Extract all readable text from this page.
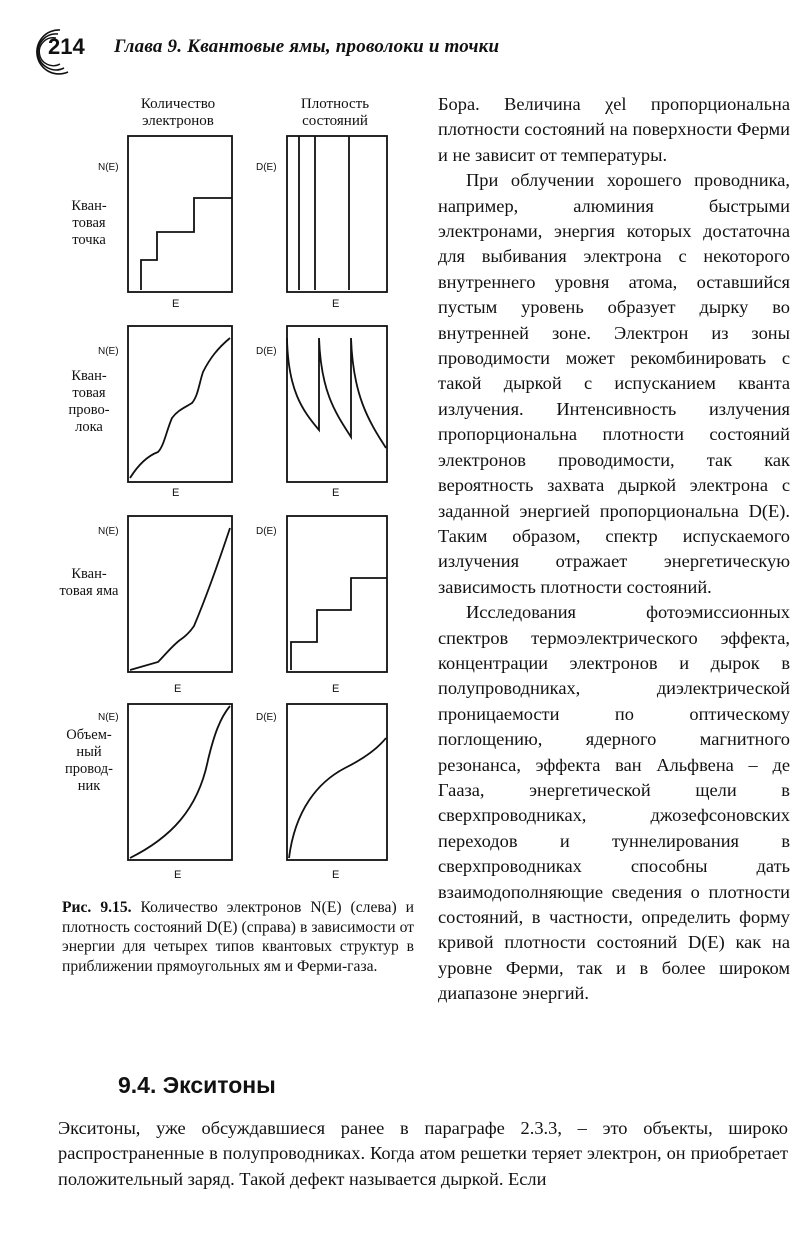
214 Глава 9. Квантовые ямы, проволоки и точки
Количество электронов
Плотность состояний
Кван-товая точка
Кван-товая прово-лока
Кван-товая яма
Объем-ный провод-ник
N(E)	D(E)
E	E
N(E)	D(E)
E	E
N(E)	D(E)
E	E
N(E)	D(E)
E	E
Рис. 9.15. Количество электронов N(E) (слева) и плотность состояний D(E) (справа) в зависимости от энергии для четырех типов квантовых структур в приближении прямоугольных ям и Ферми-газа.

Бора. Величина χel пропорциональна плотности состояний на поверхности Ферми и не зависит от температуры.

При облучении хорошего проводника, например, алюминия быстрыми электронами, энергия которых достаточна для выбивания электрона с некоторого внутреннего уровня атома, оставшийся пустым уровень образует дырку во внутренней зоне. Электрон из зоны проводимости может рекомбинировать с такой дыркой с испусканием кванта излучения. Интенсивность излучения пропорциональна плотности состояний электронов проводимости, так как вероятность захвата дыркой электрона с заданной энергией пропорциональна D(E). Таким образом, спектр испускаемого излучения отражает энергетическую зависимость плотности состояний.

Исследования фотоэмиссионных спектров термоэлектрического эффекта, концентрации электронов и дырок в полупроводниках, диэлектрической проницаемости по оптическому поглощению, ядерного магнитного резонанса, эффекта ван Альфвена – де Гааза, энергетической щели в сверхпроводниках, джозефсоновских переходов и туннелирования в сверхпроводниках способны дать взаимодополняющие сведения о плотности состояний, в частности, определить форму кривой плотности состояний D(E) как на уровне Ферми, так и в более широком диапазоне энергий.

9.4. Экситоны
Экситоны, уже обсуждавшиеся ранее в параграфе 2.3.3, – это объекты, широко распространенные в полупроводниках. Когда атом решетки теряет электрон, он приобретает положительный заряд. Такой дефект называется дыркой. Если
